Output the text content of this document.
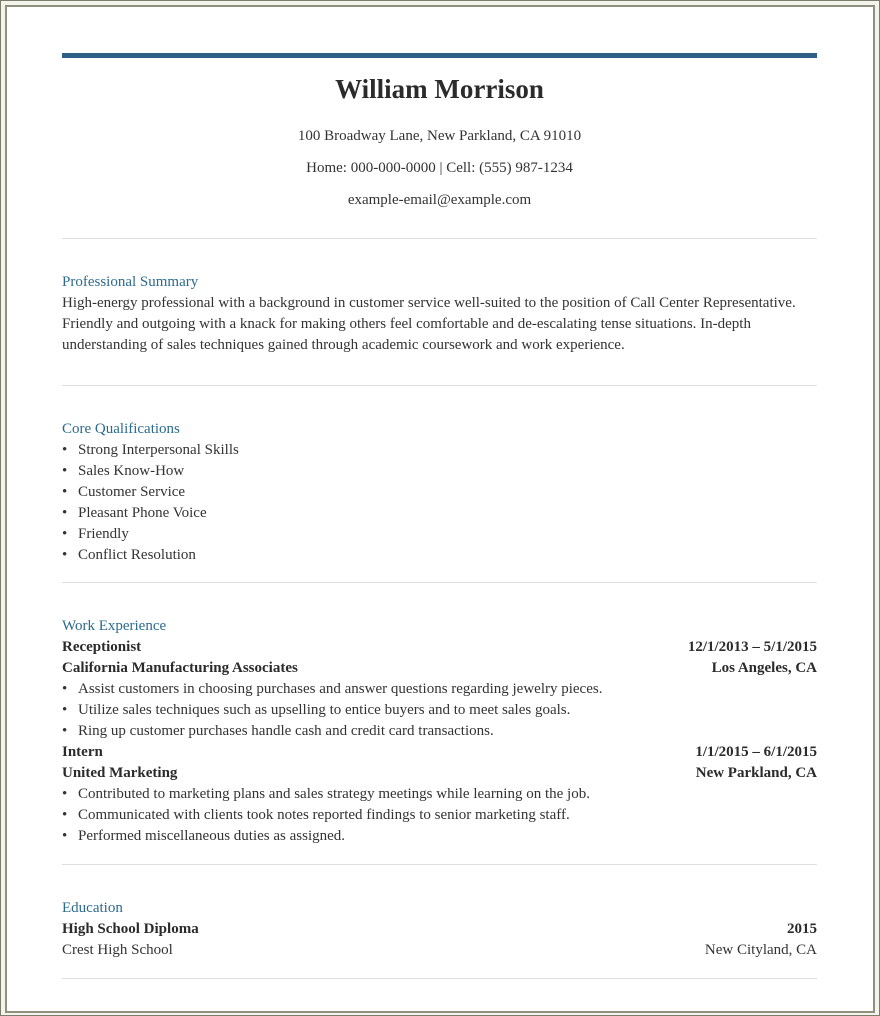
William Morrison
100 Broadway Lane, New Parkland, CA 91010
Home: 000-000-0000 | Cell: (555) 987-1234
example-email@example.com
Professional Summary
High-energy professional with a background in customer service well-suited to the position of Call Center Representative. Friendly and outgoing with a knack for making others feel comfortable and de-escalating tense situations. In-depth understanding of sales techniques gained through academic coursework and work experience.
Core Qualifications
• Strong Interpersonal Skills
• Sales Know-How
• Customer Service
• Pleasant Phone Voice
• Friendly
• Conflict Resolution
Work Experience
Receptionist	12/1/2013 – 5/1/2015
California Manufacturing Associates	Los Angeles, CA
• Assist customers in choosing purchases and answer questions regarding jewelry pieces.
• Utilize sales techniques such as upselling to entice buyers and to meet sales goals.
• Ring up customer purchases handle cash and credit card transactions.
Intern	1/1/2015 – 6/1/2015
United Marketing	New Parkland, CA
• Contributed to marketing plans and sales strategy meetings while learning on the job.
• Communicated with clients took notes reported findings to senior marketing staff.
• Performed miscellaneous duties as assigned.
Education
High School Diploma	2015
Crest High School	New Cityland, CA
